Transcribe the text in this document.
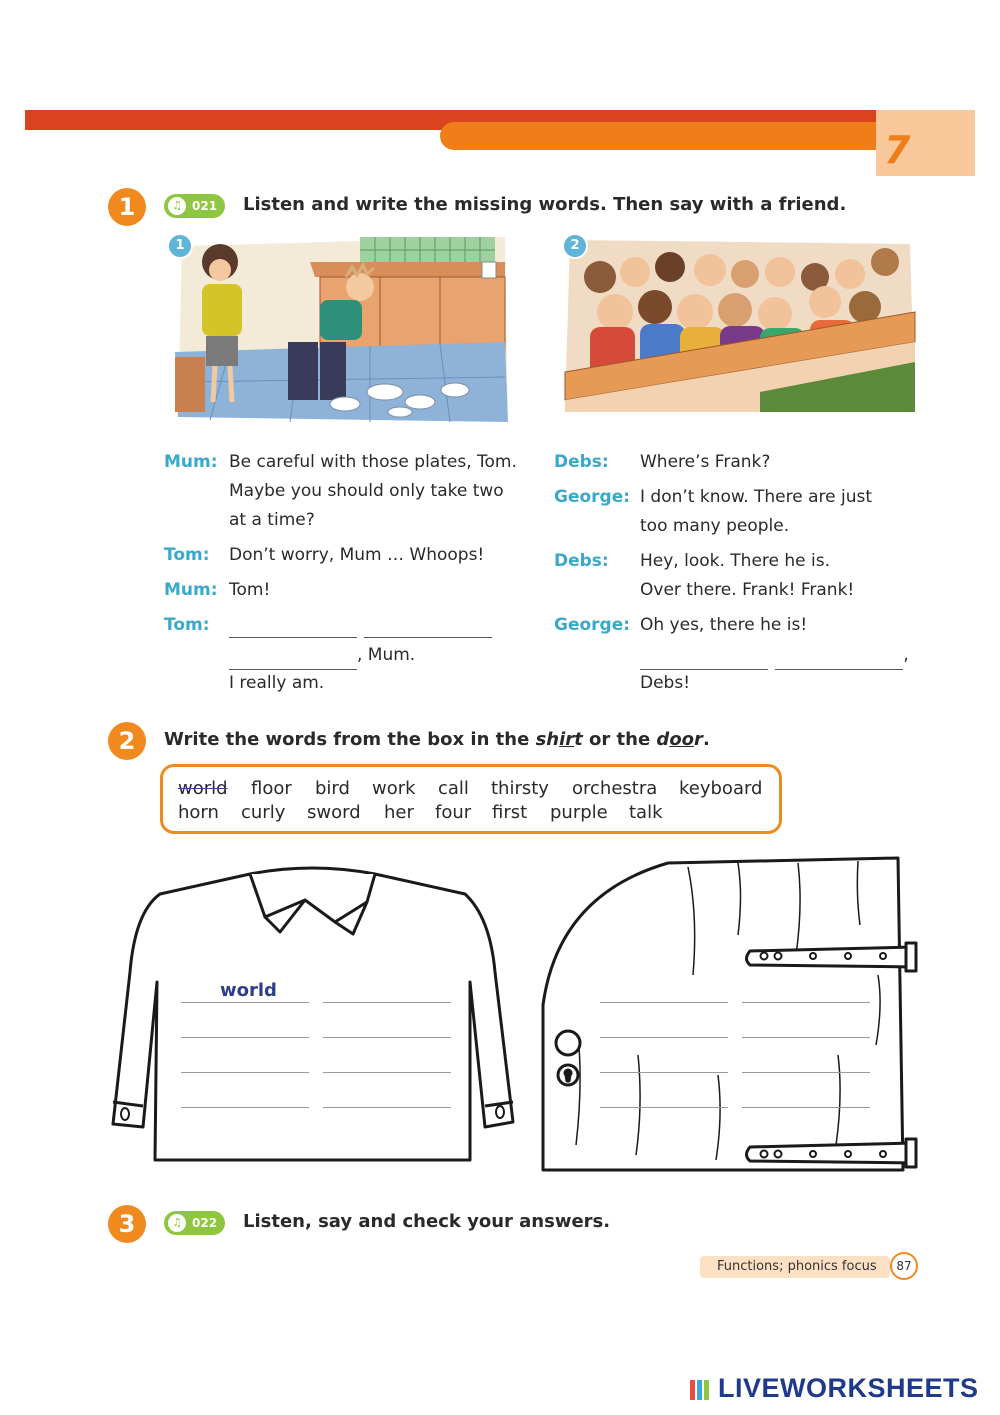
7
1	♫ 021 Listen and write the missing words. Then say with a friend.
1	2
Mum: Be careful with those plates, Tom.
Maybe you should only take two
at a time?
Tom: Don’t worry, Mum … Whoops!
Mum: Tom!
Tom:
, Mum.
I really am.
Debs: Where’s Frank?
George: I don’t know. There are just
too many people.
Debs: Hey, look. There he is.
Over there. Frank! Frank!
George: Oh yes, there he is!
,
Debs!
2	Write the words from the box in the shirt or the door.
world floor bird work call thirsty orchestra keyboard
horn curly sword her four first purple talk
world
3	♫ 022 Listen, say and check your answers.
Functions; phonics focus	87
LIVEWORKSHEETS
